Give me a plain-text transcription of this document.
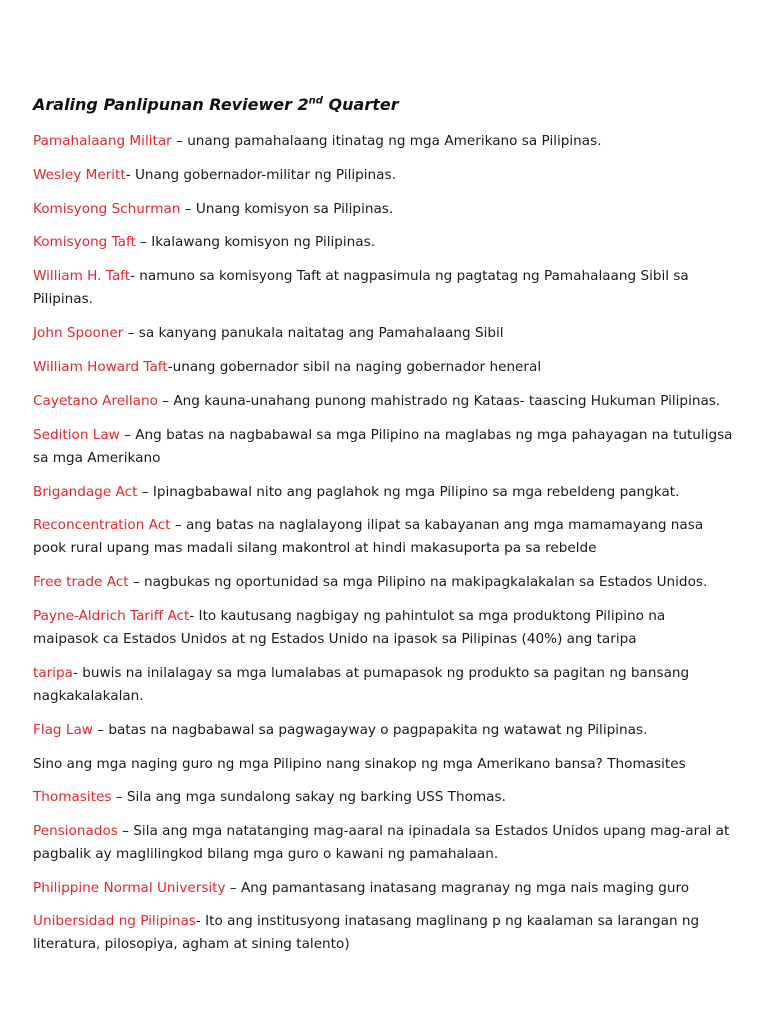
Araling Panlipunan Reviewer 2nd Quarter
Pamahalaang Militar – unang pamahalaang itinatag ng mga Amerikano sa Pilipinas.
Wesley Meritt- Unang gobernador-militar ng Pilipinas.
Komisyong Schurman – Unang komisyon sa Pilipinas.
Komisyong Taft – Ikalawang komisyon ng Pilipinas.
William H. Taft- namuno sa komisyong Taft at nagpasimula ng pagtatag ng Pamahalaang Sibil sa Pilipinas.
John Spooner – sa kanyang panukala naitatag ang Pamahalaang Sibil
William Howard Taft-unang gobernador sibil na naging gobernador heneral
Cayetano Arellano – Ang kauna-unahang punong mahistrado ng Kataas- taascing Hukuman Pilipinas.
Sedition Law – Ang batas na nagbabawal sa mga Pilipino na maglabas ng mga pahayagan na tutuligsa sa mga Amerikano
Brigandage Act – Ipinagbabawal nito ang paglahok ng mga Pilipino sa mga rebeldeng pangkat.
Reconcentration Act – ang batas na naglalayong ilipat sa kabayanan ang mga mamamayang nasa pook rural upang mas madali silang makontrol at hindi makasuporta pa sa rebelde
Free trade Act – nagbukas ng oportunidad sa mga Pilipino na makipagkalakalan sa Estados Unidos.
Payne-Aldrich Tariff Act- Ito kautusang nagbigay ng pahintulot sa mga produktong Pilipino na maipasok ca Estados Unidos at ng Estados Unido na ipasok sa Pilipinas (40%) ang taripa
taripa- buwis na inilalagay sa mga lumalabas at pumapasok ng produkto sa pagitan ng bansang nagkakalakalan.
Flag Law – batas na nagbabawal sa pagwagayway o pagpapakita ng watawat ng Pilipinas.
Sino ang mga naging guro ng mga Pilipino nang sinakop ng mga Amerikano bansa? Thomasites
Thomasites – Sila ang mga sundalong sakay ng barking USS Thomas.
Pensionados – Sila ang mga natatanging mag-aaral na ipinadala sa Estados Unidos upang mag-aral at pagbalik ay maglilingkod bilang mga guro o kawani ng pamahalaan.
Philippine Normal University – Ang pamantasang inatasang magranay ng mga nais maging guro
Unibersidad ng Pilipinas- Ito ang institusyong inatasang maglinang p ng kaalaman sa larangan ng literatura, pilosopiya, agham at sining talento)
